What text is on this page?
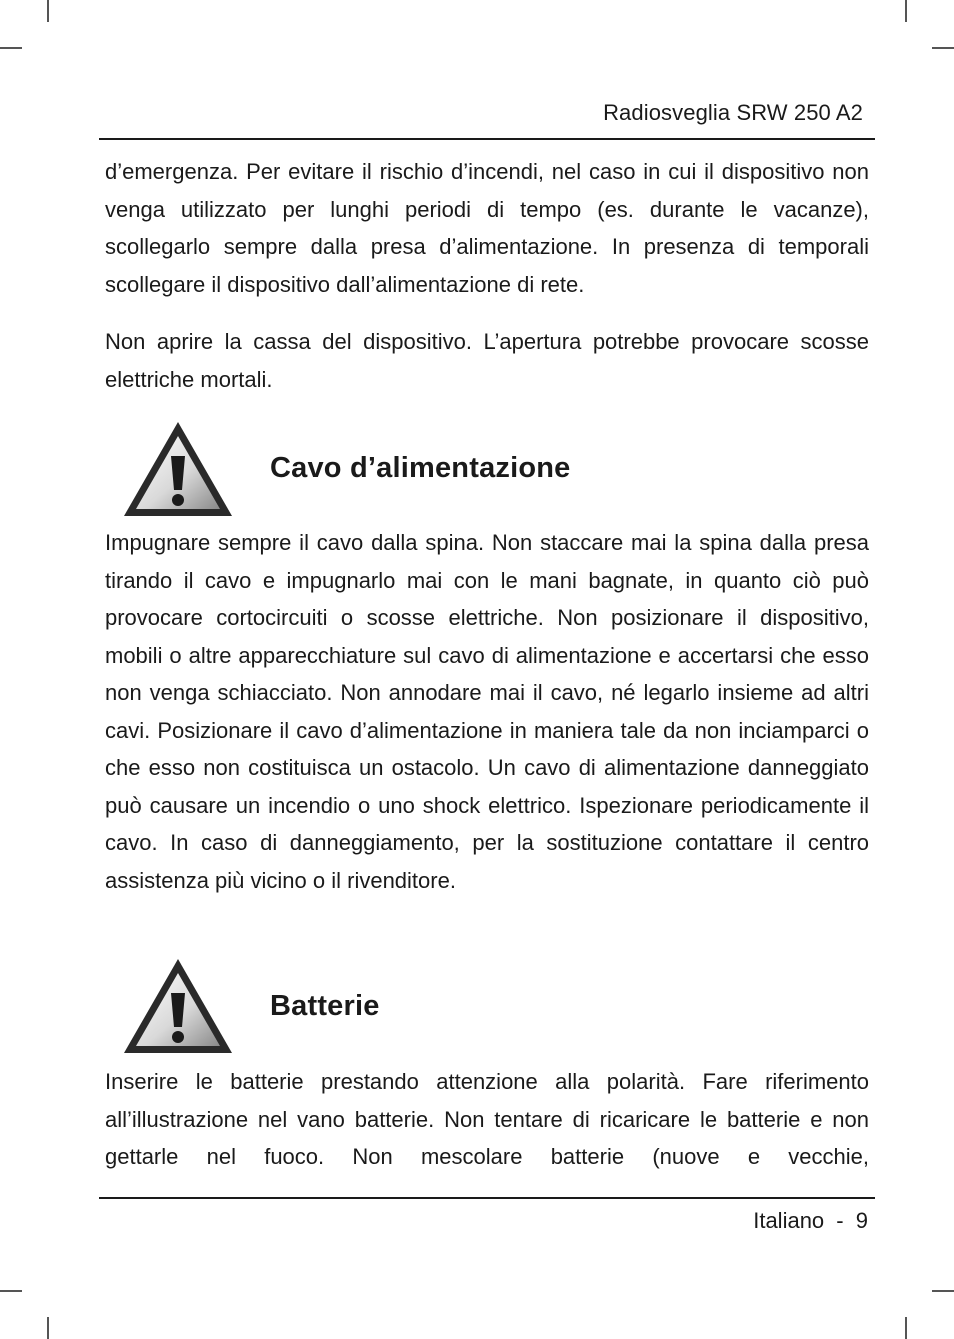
Radiosveglia SRW 250 A2

d’emergenza. Per evitare il rischio d’incendi, nel caso in cui il dispositivo non venga utilizzato per lunghi periodi di tempo (es. durante le vacanze), scollegarlo sempre dalla presa d’alimentazione. In presenza di temporali scollegare il dispositivo dall’alimentazione di rete.

Non aprire la cassa del dispositivo. L’apertura potrebbe provocare scosse elettriche mortali.

Cavo d’alimentazione

Impugnare sempre il cavo dalla spina. Non staccare mai la spina dalla presa tirando il cavo e impugnarlo mai con le mani bagnate, in quanto ciò può provocare cortocircuiti o scosse elettriche. Non posizionare il dispositivo, mobili o altre apparecchiature sul cavo di alimentazione e accertarsi che esso non venga schiacciato. Non annodare mai il cavo, né legarlo insieme ad altri cavi. Posizionare il cavo d’alimentazione in maniera tale da non inciamparci o che esso non costituisca un ostacolo. Un cavo di alimentazione danneggiato può causare un incendio o uno shock elettrico. Ispezionare periodicamente il cavo. In caso di danneggiamento, per la sostituzione contattare il centro assistenza più vicino o il rivenditore.

Batterie

Inserire le batterie prestando attenzione alla polarità. Fare riferimento all’illustrazione nel vano batterie. Non tentare di ricaricare le batterie e non gettarle nel fuoco. Non mescolare batterie (nuove e vecchie,

Italiano - 9
